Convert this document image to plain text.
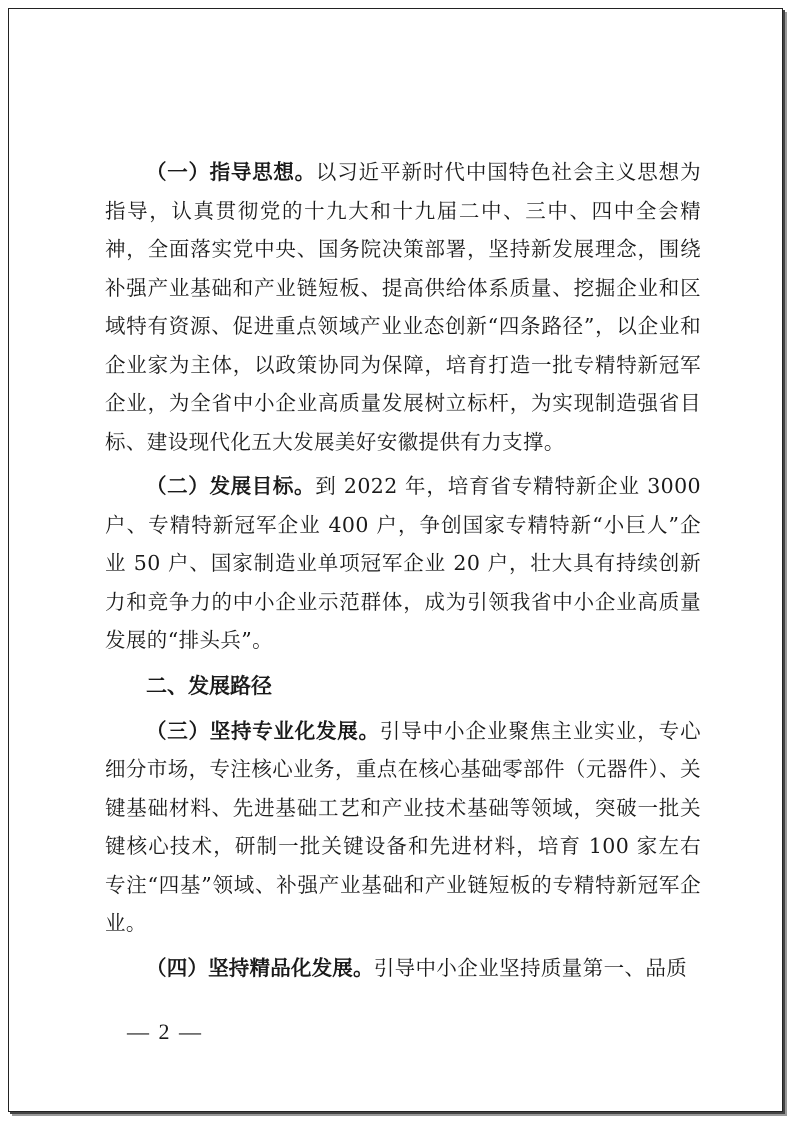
（一）指导思想。以习近平新时代中国特色社会主义思想为指导，认真贯彻党的十九大和十九届二中、三中、四中全会精神，全面落实党中央、国务院决策部署，坚持新发展理念，围绕补强产业基础和产业链短板、提高供给体系质量、挖掘企业和区域特有资源、促进重点领域产业业态创新“四条路径”，以企业和企业家为主体，以政策协同为保障，培育打造一批专精特新冠军企业，为全省中小企业高质量发展树立标杆，为实现制造强省目标、建设现代化五大发展美好安徽提供有力支撑。

（二）发展目标。到 2022 年，培育省专精特新企业 3000 户、专精特新冠军企业 400 户，争创国家专精特新“小巨人”企业 50 户、国家制造业单项冠军企业 20 户，壮大具有持续创新力和竞争力的中小企业示范群体，成为引领我省中小企业高质量发展的“排头兵”。

二、发展路径

（三）坚持专业化发展。引导中小企业聚焦主业实业，专心细分市场，专注核心业务，重点在核心基础零部件（元器件）、关键基础材料、先进基础工艺和产业技术基础等领域，突破一批关键核心技术，研制一批关键设备和先进材料，培育 100 家左右专注“四基”领域、补强产业基础和产业链短板的专精特新冠军企业。

（四）坚持精品化发展。引导中小企业坚持质量第一、品质

— 2 —
